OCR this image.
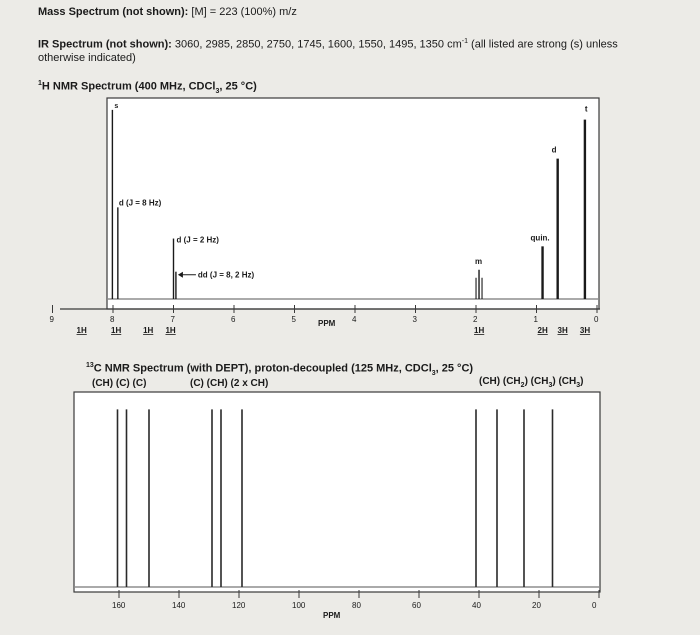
Mass Spectrum (not shown): [M] = 223 (100%) m/z
IR Spectrum (not shown): 3060, 2985, 2850, 2750, 1745, 1600, 1550, 1495, 1350 $cm^{-1}$ (all listed are strong (s) unless
otherwise indicated)
$^1$H NMR Spectrum (400 MHz, CDCl$_3$, 25 °C)
$^{13}$C NMR Spectrum (with DEPT), proton-decoupled (125 MHz, CDCl$_3$, 25 °C)
(CH) (C) (C)	(C) (CH) (2 x CH)	(CH) $(CH_2)$ $(CH_3)$ $(CH_3)$
s
d (J = 8 Hz)
d (J = 2 Hz)
dd (J = 8, 2 Hz)
m
quin.
d
t
9	8	7	6	5	4	3	2	1	0
1H	1H	1H 1H	1H	2H 3H 3H
PPM
160	140	120	100	80	60	40	20	0
PPM
